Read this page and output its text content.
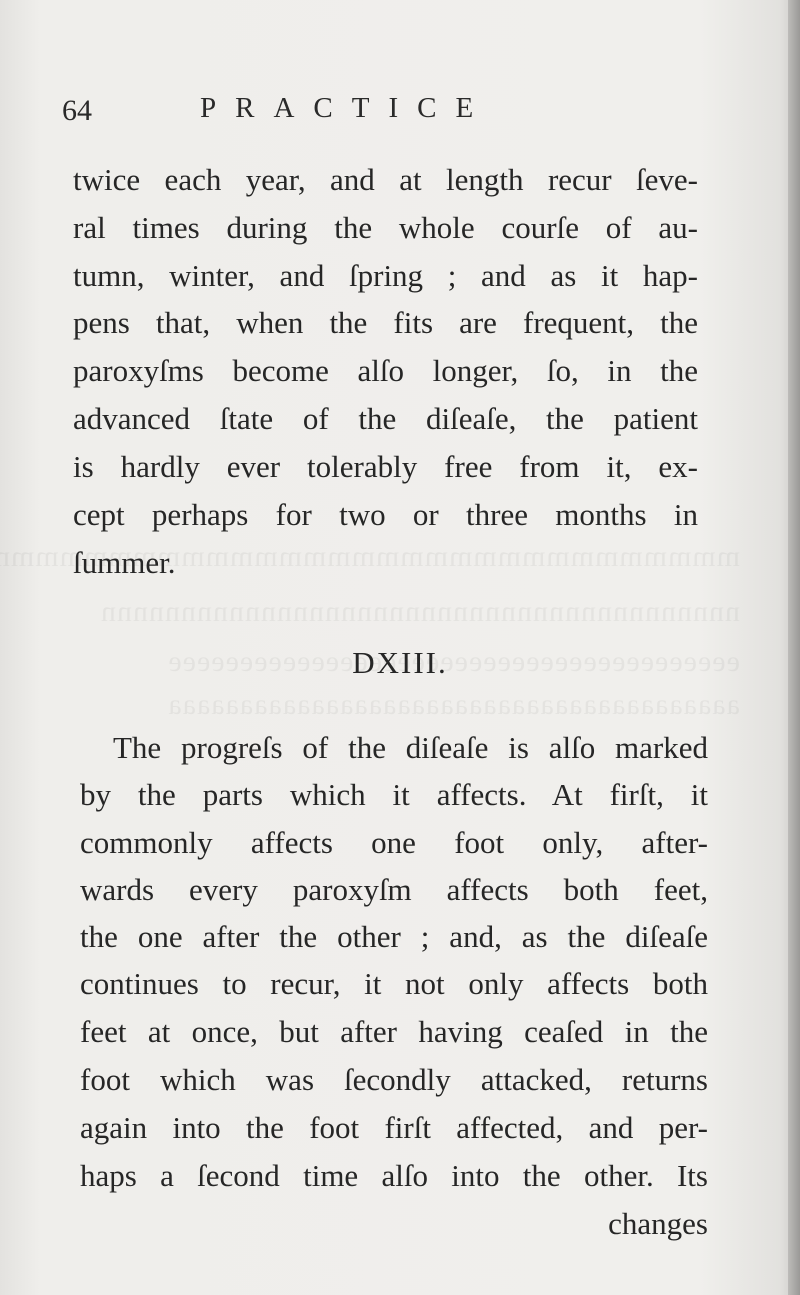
64	PRACTICE
twice each year, and at length recur ſeve-
ral times during the whole courſe of au-
tumn, winter, and ſpring ; and as it hap-
pens that, when the fits are frequent, the
paroxyſms become alſo longer, ſo, in the
advanced ſtate of the diſeaſe, the patient
is hardly ever tolerably free from it, ex-
cept perhaps for two or three months in
ſummer.
DXIII.
The progreſs of the diſeaſe is alſo marked
by the parts which it affects. At firſt, it
commonly affects one foot only, after-
wards every paroxyſm affects both feet,
the one after the other ; and, as the diſeaſe
continues to recur, it not only affects both
feet at once, but after having ceaſed in the
foot which was ſecondly attacked, returns
again into the foot firſt affected, and per-
haps a ſecond time alſo into the other. Its
changes
